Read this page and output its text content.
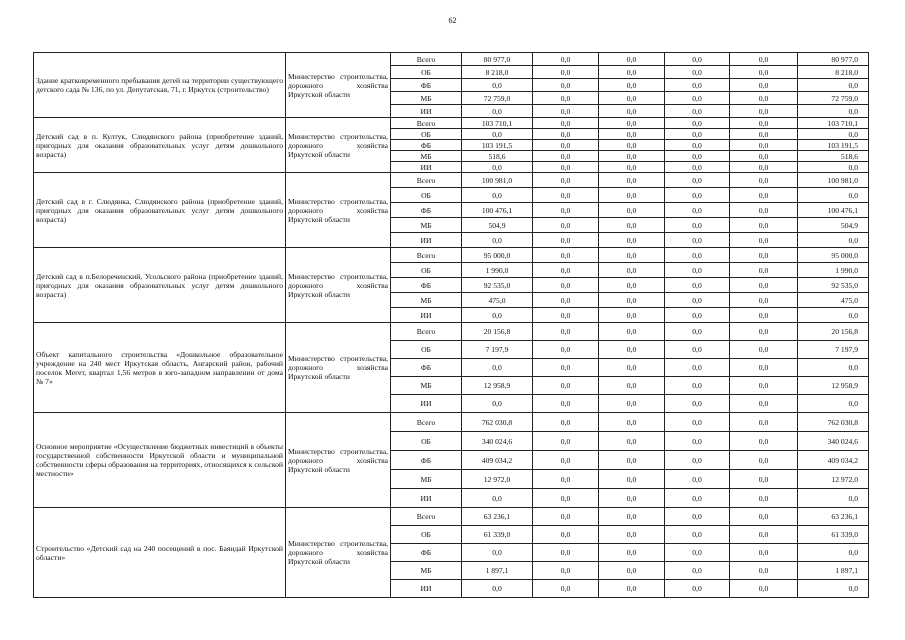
62
Здание кратковременного пребывания детей на территории существующего детского сада № 136, по ул. Депутатская, 71, г. Иркутск (строительство)	Министерство строительства, дорожного хозяйства Иркутской области	Всего	80 977,0	0,0	0,0	0,0	0,0	80 977,0
		ОБ	8 218,0	0,0	0,0	0,0	0,0	8 218,0
		ФБ	0,0	0,0	0,0	0,0	0,0	0,0
		МБ	72 759,0	0,0	0,0	0,0	0,0	72 759,0
		ИИ	0,0	0,0	0,0	0,0	0,0	0,0
Детский сад в п. Култук, Слюдянского района (приобретение зданий, пригодных для оказания образовательных услуг детям дошкольного возраста)	Министерство строительства, дорожного хозяйства Иркутской области	Всего	103 710,1	0,0	0,0	0,0	0,0	103 710,1
		ОБ	0,0	0,0	0,0	0,0	0,0	0,0
		ФБ	103 191,5	0,0	0,0	0,0	0,0	103 191,5
		МБ	518,6	0,0	0,0	0,0	0,0	518,6
		ИИ	0,0	0,0	0,0	0,0	0,0	0,0
Детский сад в г. Слюдянка, Слюдянского района (приобретение зданий, пригодных для оказания образовательных услуг детям дошкольного возраста)	Министерство строительства, дорожного хозяйства Иркутской области	Всего	100 981,0	0,0	0,0	0,0	0,0	100 981,0
		ОБ	0,0	0,0	0,0	0,0	0,0	0,0
		ФБ	100 476,1	0,0	0,0	0,0	0,0	100 476,1
		МБ	504,9	0,0	0,0	0,0	0,0	504,9
		ИИ	0,0	0,0	0,0	0,0	0,0	0,0
Детский сад в п.Белореченский, Усольского района (приобретение зданий, пригодных для оказания образовательных услуг детям дошкольного возраста)	Министерство строительства, дорожного хозяйства Иркутской области	Всего	95 000,0	0,0	0,0	0,0	0,0	95 000,0
		ОБ	1 990,0	0,0	0,0	0,0	0,0	1 990,0
		ФБ	92 535,0	0,0	0,0	0,0	0,0	92 535,0
		МБ	475,0	0,0	0,0	0,0	0,0	475,0
		ИИ	0,0	0,0	0,0	0,0	0,0	0,0
Объект капитального строительства «Дошкольное образовательное учреждение на 240 мест Иркутская область, Ангарский район, рабочий поселок Мегет, квартал 1,56 метров в юго-западном направлении от дома № 7»	Министерство строительства, дорожного хозяйства Иркутской области	Всего	20 156,8	0,0	0,0	0,0	0,0	20 156,8
		ОБ	7 197,9	0,0	0,0	0,0	0,0	7 197,9
		ФБ	0,0	0,0	0,0	0,0	0,0	0,0
		МБ	12 958,9	0,0	0,0	0,0	0,0	12 958,9
		ИИ	0,0	0,0	0,0	0,0	0,0	0,0
Основное мероприятие «Осуществление бюджетных инвестиций в объекты государственной собственности Иркутской области и муниципальной собственности сферы образования на территориях, относящихся к сельской местности»	Министерство строительства, дорожного хозяйства Иркутской области	Всего	762 030,8	0,0	0,0	0,0	0,0	762 030,8
		ОБ	340 024,6	0,0	0,0	0,0	0,0	340 024,6
		ФБ	409 034,2	0,0	0,0	0,0	0,0	409 034,2
		МБ	12 972,0	0,0	0,0	0,0	0,0	12 972,0
		ИИ	0,0	0,0	0,0	0,0	0,0	0,0
Строительство «Детский сад на 240 посещений в пос. Баяндай Иркутской области»	Министерство строительства, дорожного хозяйства Иркутской области	Всего	63 236,1	0,0	0,0	0,0	0,0	63 236,1
		ОБ	61 339,0	0,0	0,0	0,0	0,0	61 339,0
		ФБ	0,0	0,0	0,0	0,0	0,0	0,0
		МБ	1 897,1	0,0	0,0	0,0	0,0	1 897,1
		ИИ	0,0	0,0	0,0	0,0	0,0	0,0
